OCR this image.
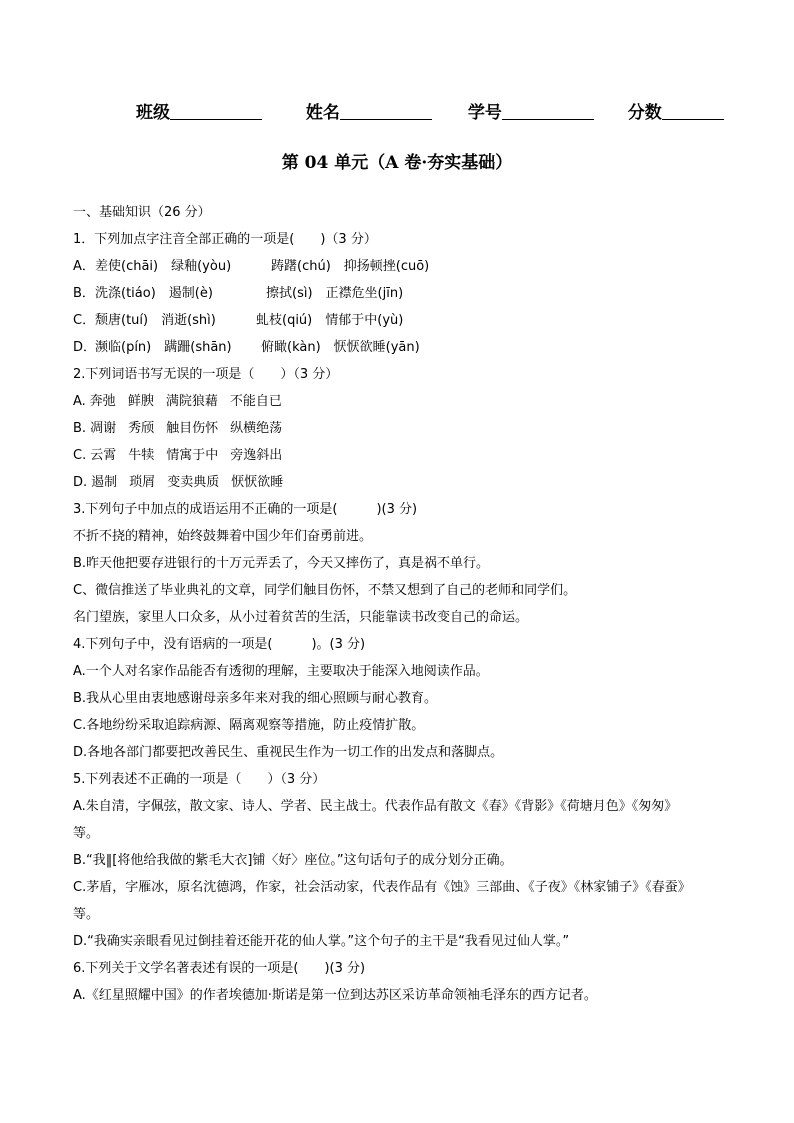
班级	姓名	学号	分数
第 04 单元（A 卷·夯实基础）
一、基础知识（26 分）
1．下列加点字注音全部正确的一项是(　　)（3 分）
A． 差使(chāi)　绿釉(yòu)	踌躇(chú)　抑扬顿挫(cuō)
B． 洗涤(tiáo)　遏制(è)	擦拭(sì)　正襟危坐(jīn)
C． 颓唐(tuí)　消逝(shì)	虬枝(qiú)　情郁于中(yù)
D．
濒临(pín)　蹒跚(shān) 俯瞰(kàn)　恹恹欲睡(yān)
2.下列词语书写无误的一项是（　　）（3 分）
A. 奔弛 鲜腴 满院狼藉 不能自已
B. 凋谢 秀颀 触目伤怀 纵横绝荡
C. 云霄 牛犊 情寓于中 旁逸斜出
D. 遏制 琐屑 变卖典质 恹恹欲睡
3.下列句子中加点的成语运用不正确的一项是(　　　)(3 分)
不折不挠的精神，始终鼓舞着中国少年们奋勇前进。
B.昨天他把要存进银行的十万元弄丢了，今天又摔伤了，真是祸不单行。
C、微信推送了毕业典礼的文章，同学们触目伤怀，不禁又想到了自己的老师和同学们。
名门望族，家里人口众多，从小过着贫苦的生活，只能靠读书改变自己的命运。
4.下列句子中，没有语病的一项是(　　　)。(3 分)
A.一个人对名家作品能否有透彻的理解，主要取决于能深入地阅读作品。
B.我从心里由衷地感谢母亲多年来对我的细心照顾与耐心教育。
C.各地纷纷采取追踪病源、隔离观察等措施，防止疫情扩散。
D.各地各部门都要把改善民生、重视民生作为一切工作的出发点和落脚点。
5.下列表述不正确的一项是（　　）（3 分）
A.朱自清，字佩弦，散文家、诗人、学者、民主战士。代表作品有散文《春》《背影》《荷塘月色》《匆匆》
等。
B.“我‖[将他给我做的紫毛大衣]铺〈好〉座位。”这句话句子的成分划分正确。
C.茅盾，字雁冰，原名沈德鸿，作家，社会活动家，代表作品有《蚀》三部曲、《子夜》《林家铺子》《春蚕》
等。
D.“我确实亲眼看见过倒挂着还能开花的仙人掌。”这个句子的主干是“我看见过仙人掌。”
6.下列关于文学名著表述有误的一项是(　　)(3 分)
A.《红星照耀中国》的作者埃德加·斯诺是第一位到达苏区采访革命领袖毛泽东的西方记者。
